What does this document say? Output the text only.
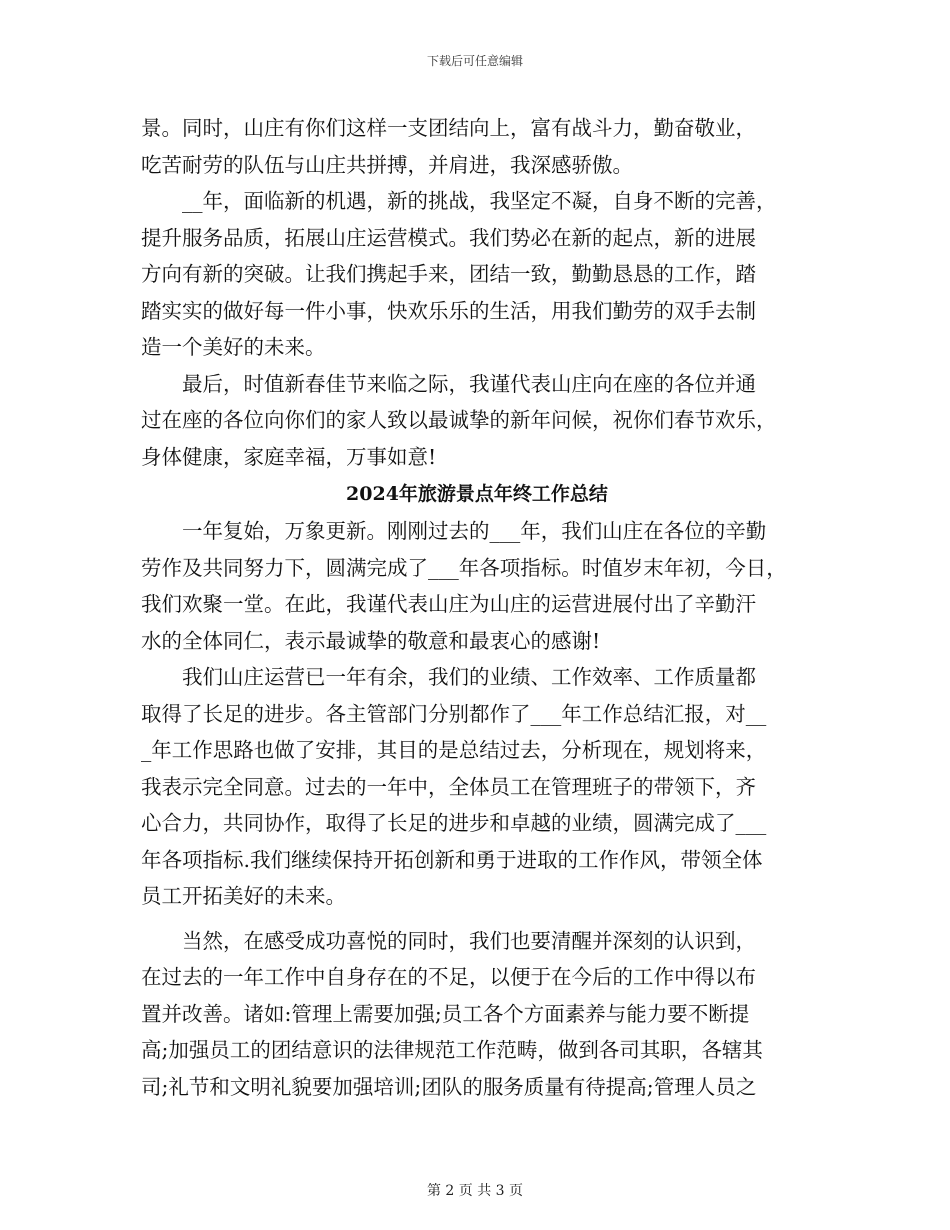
下载后可任意编辑
景。同时，山庄有你们这样一支团结向上，富有战斗力，勤奋敬业，
吃苦耐劳的队伍与山庄共拼搏，并肩进，我深感骄傲。
　　__年，面临新的机遇，新的挑战，我坚定不凝，自身不断的完善，
提升服务品质，拓展山庄运营模式。我们势必在新的起点，新的进展
方向有新的突破。让我们携起手来，团结一致，勤勤恳恳的工作，踏
踏实实的做好每一件小事，快欢乐乐的生活，用我们勤劳的双手去制
造一个美好的未来。
　　最后，时值新春佳节来临之际，我谨代表山庄向在座的各位并通
过在座的各位向你们的家人致以最诚挚的新年问候，祝你们春节欢乐，
身体健康，家庭幸福，万事如意!
2024年旅游景点年终工作总结
　　一年复始，万象更新。刚刚过去的___年，我们山庄在各位的辛勤
劳作及共同努力下，圆满完成了___年各项指标。时值岁末年初，今日，
我们欢聚一堂。在此，我谨代表山庄为山庄的运营进展付出了辛勤汗
水的全体同仁，表示最诚挚的敬意和最衷心的感谢!
　　我们山庄运营已一年有余，我们的业绩、工作效率、工作质量都
取得了长足的进步。各主管部门分别都作了___年工作总结汇报，对__
_年工作思路也做了安排，其目的是总结过去，分析现在，规划将来，
我表示完全同意。过去的一年中，全体员工在管理班子的带领下，齐
心合力，共同协作，取得了长足的进步和卓越的业绩，圆满完成了___
年各项指标.我们继续保持开拓创新和勇于进取的工作作风，带领全体
员工开拓美好的未来。
　　当然，在感受成功喜悦的同时，我们也要清醒并深刻的认识到，
在过去的一年工作中自身存在的不足，以便于在今后的工作中得以布
置并改善。诸如:管理上需要加强;员工各个方面素养与能力要不断提
高;加强员工的团结意识的法律规范工作范畴，做到各司其职，各辖其
司;礼节和文明礼貌要加强培训;团队的服务质量有待提高;管理人员之
第 2 页 共 3 页
